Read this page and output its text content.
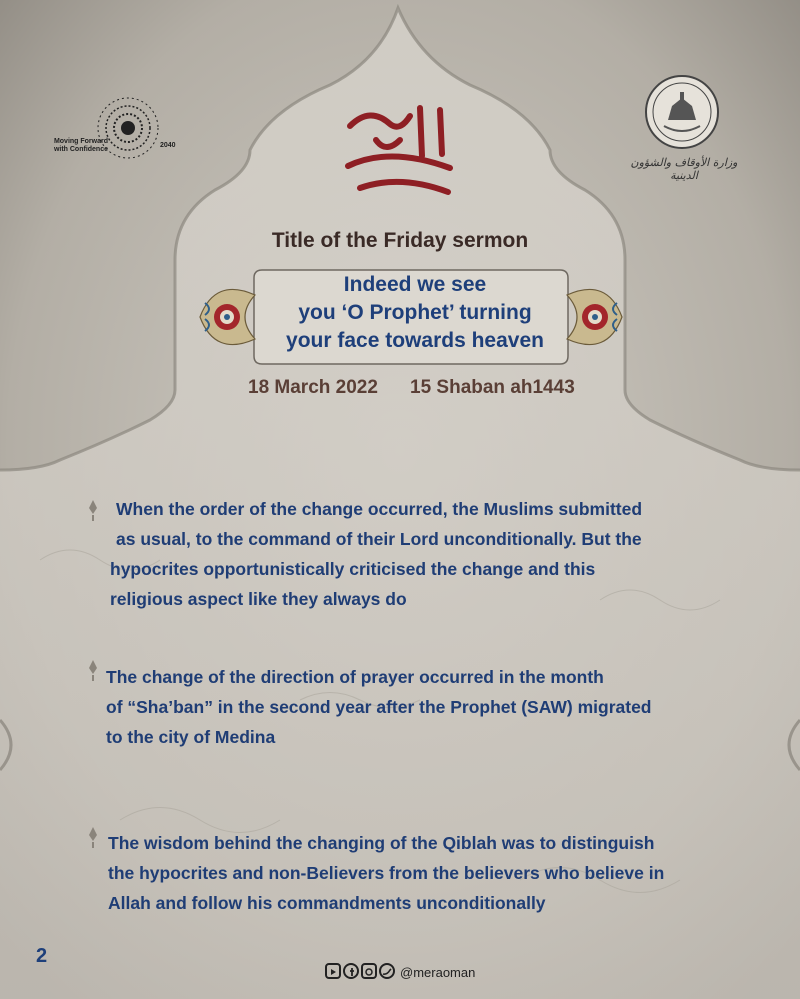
Moving Forward
with Confidence
2040
وزارة الأوقاف والشؤون الدينية
Title of the Friday sermon
Indeed we see
you ‘O Prophet’ turning
your face towards heaven
18 March 2022 15 Shaban ah1443
When the order of the change occurred, the Muslims submitted
as usual, to the command of their Lord unconditionally. But the
hypocrites opportunistically criticised the change and this
religious aspect like they always do
The change of the direction of prayer occurred in the month
of “Sha’ban” in the second year after the Prophet (SAW) migrated
to the city of Medina
The wisdom behind the changing of the Qiblah was to distinguish
the hypocrites and non-Believers from the believers who believe in
Allah and follow his commandments unconditionally
2
@meraoman
